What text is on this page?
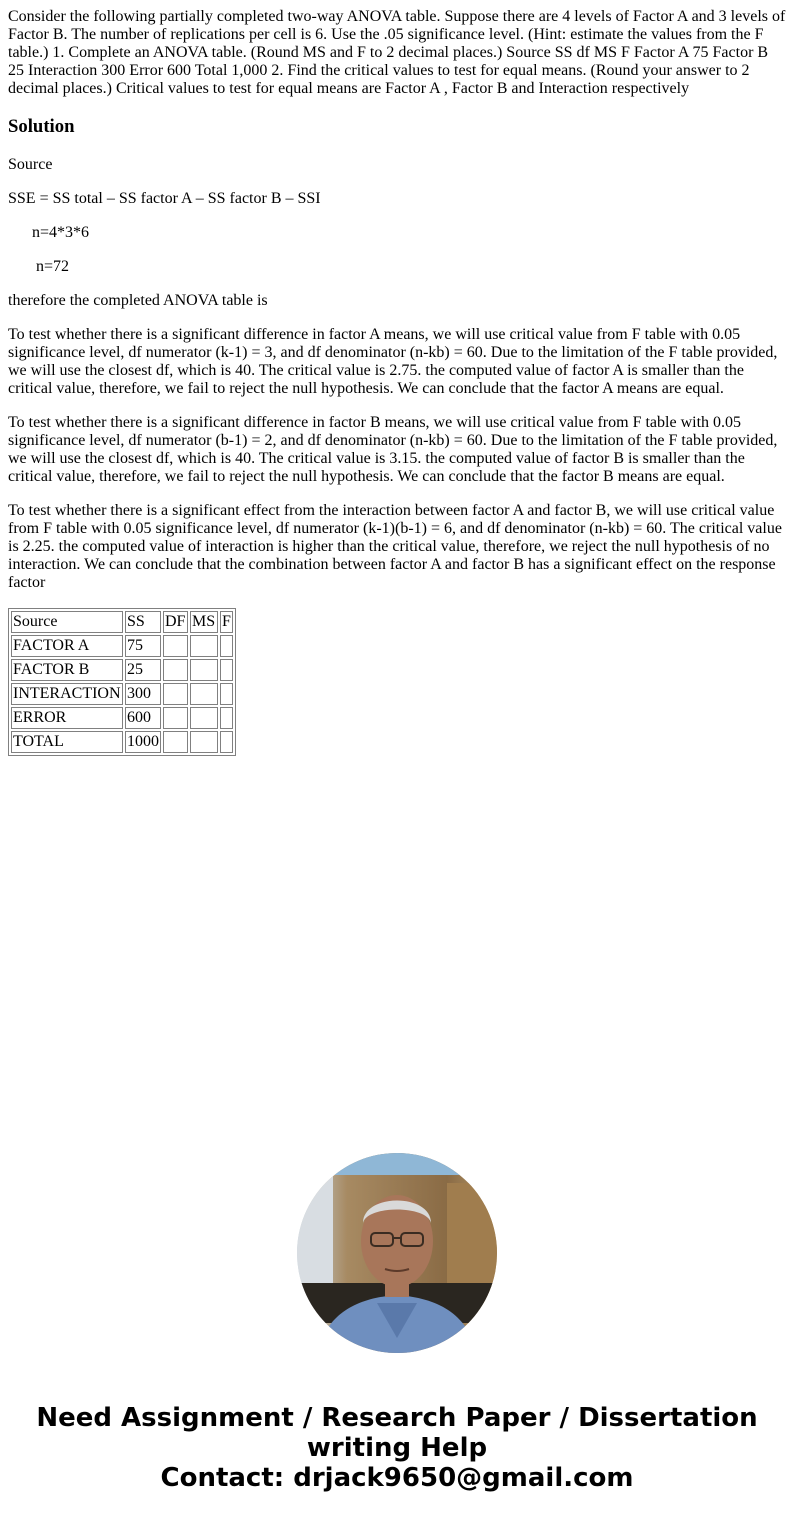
Consider the following partially completed two-way ANOVA table. Suppose there are 4 levels of Factor A and 3 levels of Factor B. The number of replications per cell is 6. Use the .05 significance level. (Hint: estimate the values from the F table.) 1. Complete an ANOVA table. (Round MS and F to 2 decimal places.) Source SS df MS F Factor A 75 Factor B 25 Interaction 300 Error 600 Total 1,000 2. Find the critical values to test for equal means. (Round your answer to 2 decimal places.) Critical values to test for equal means are Factor A , Factor B and Interaction respectively

Solution

Source

SSE = SS total – SS factor A – SS factor B – SSI

n=4*3*6

n=72

therefore the completed ANOVA table is

To test whether there is a significant difference in factor A means, we will use critical value from F table with 0.05 significance level, df numerator (k-1) = 3, and df denominator (n-kb) = 60. Due to the limitation of the F table provided, we will use the closest df, which is 40. The critical value is 2.75. the computed value of factor A is smaller than the critical value, therefore, we fail to reject the null hypothesis. We can conclude that the factor A means are equal.

To test whether there is a significant difference in factor B means, we will use critical value from F table with 0.05 significance level, df numerator (b-1) = 2, and df denominator (n-kb) = 60. Due to the limitation of the F table provided, we will use the closest df, which is 40. The critical value is 3.15. the computed value of factor B is smaller than the critical value, therefore, we fail to reject the null hypothesis. We can conclude that the factor B means are equal.

To test whether there is a significant effect from the interaction between factor A and factor B, we will use critical value from F table with 0.05 significance level, df numerator (k-1)(b-1) = 6, and df denominator (n-kb) = 60. The critical value is 2.25. the computed value of interaction is higher than the critical value, therefore, we reject the null hypothesis of no interaction. We can conclude that the combination between factor A and factor B has a significant effect on the response factor

Source	SS	DF	MS	F
FACTOR A	75			
FACTOR B	25			
INTERACTION	300			
ERROR	600			
TOTAL	1000			
Need Assignment / Research Paper / Dissertation
writing Help
Contact: drjack9650@gmail.com
